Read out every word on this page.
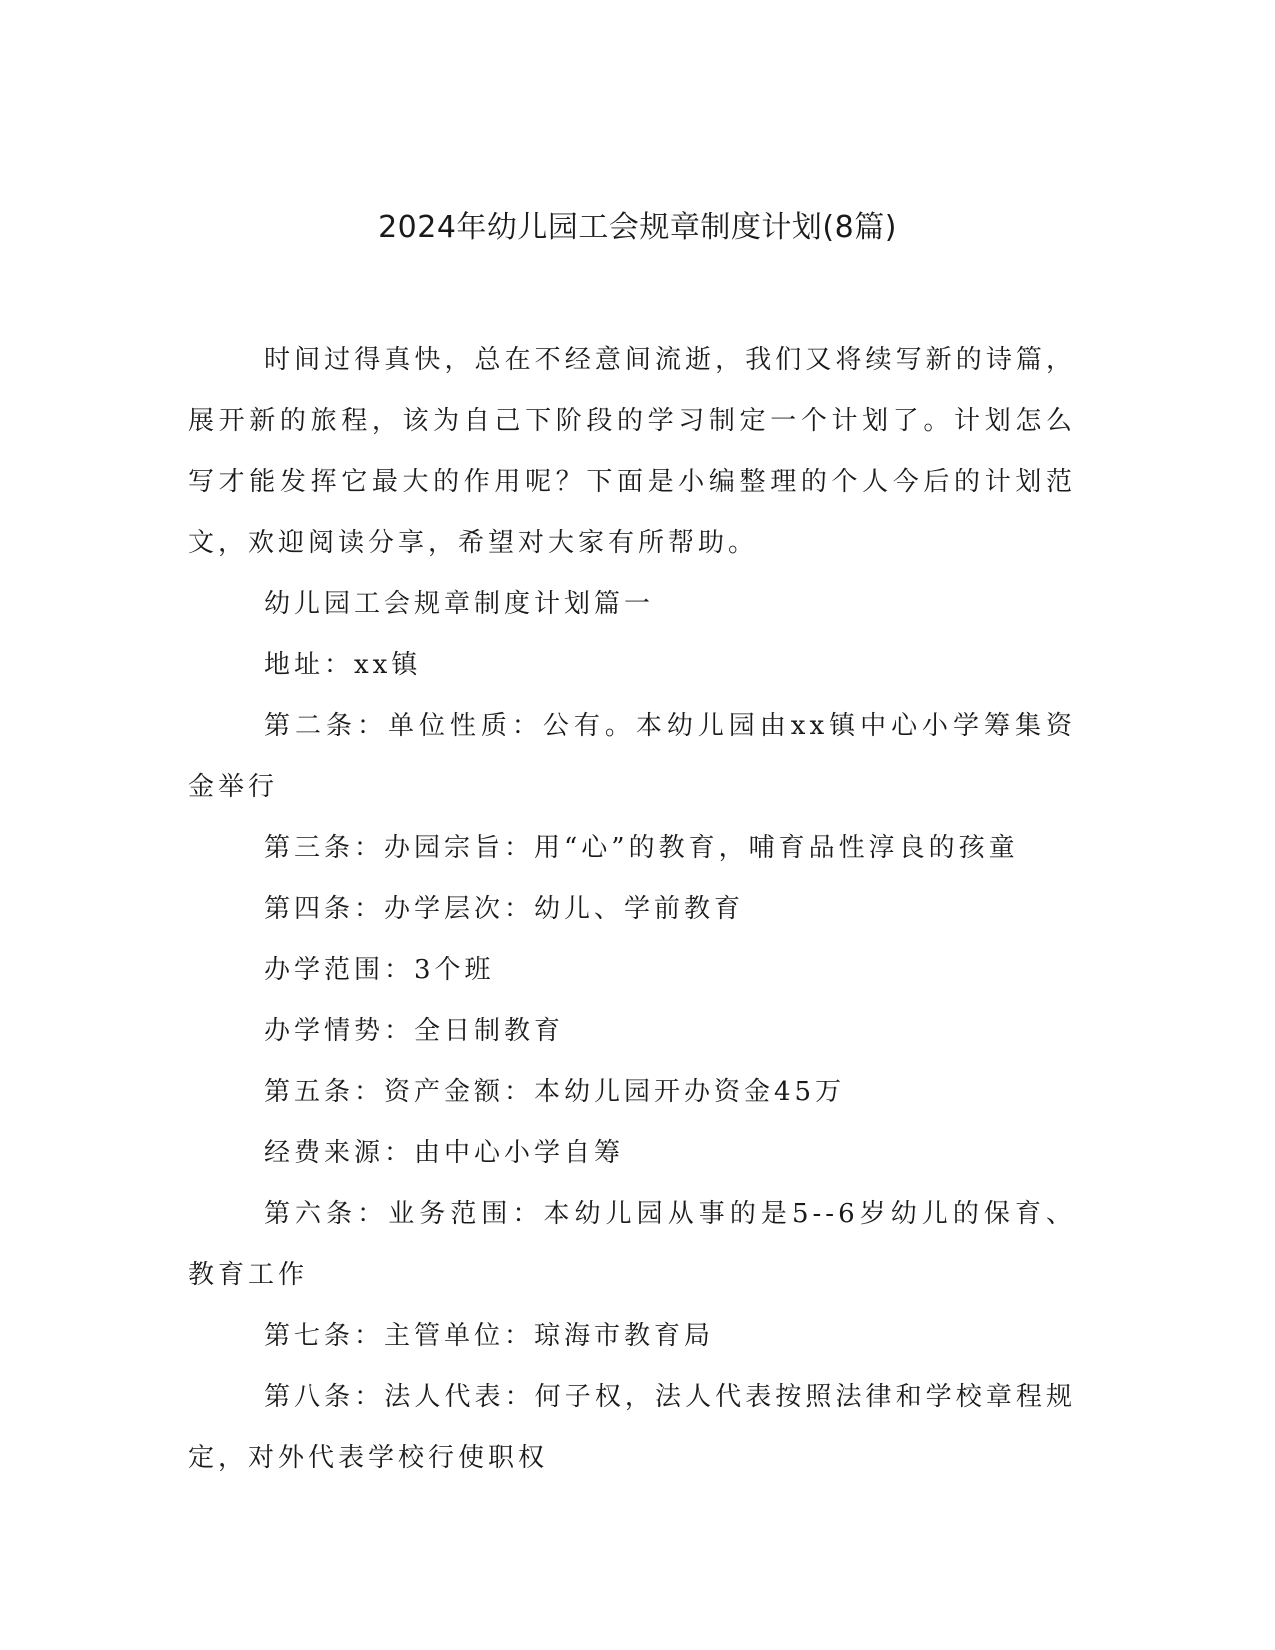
2024年幼儿园工会规章制度计划(8篇)

时间过得真快，总在不经意间流逝，我们又将续写新的诗篇，展开新的旅程，该为自己下阶段的学习制定一个计划了。计划怎么写才能发挥它最大的作用呢？下面是小编整理的个人今后的计划范文，欢迎阅读分享，希望对大家有所帮助。

幼儿园工会规章制度计划篇一

地址：xx镇

第二条：单位性质：公有。本幼儿园由xx镇中心小学筹集资金举行

第三条：办园宗旨：用“心”的教育，哺育品性淳良的孩童

第四条：办学层次：幼儿、学前教育

办学范围：3个班

办学情势：全日制教育

第五条：资产金额：本幼儿园开办资金45万

经费来源：由中心小学自筹

第六条：业务范围：本幼儿园从事的是5--6岁幼儿的保育、教育工作

第七条：主管单位：琼海市教育局

第八条：法人代表：何子权，法人代表按照法律和学校章程规定，对外代表学校行使职权
